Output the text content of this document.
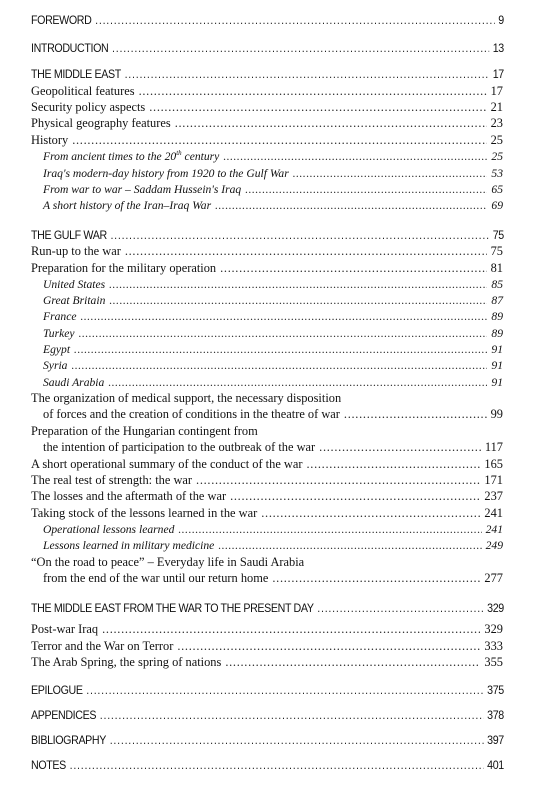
FOREWORD . . .	9
INTRODUCTION . . .	13
THE MIDDLE EAST . . .	17
Geopolitical features . . .	17
Security policy aspects . . .	21
Physical geography features . . .	23
History . . .	25
From ancient times to the 20th century . . .	25
Iraq's modern-day history from 1920 to the Gulf War . . .	53
From war to war – Saddam Hussein's Iraq . . .	65
A short history of the Iran–Iraq War . . .	69
THE GULF WAR . . .	75
Run-up to the war . . .	75
Preparation for the military operation . . .	81
United States . . .	85
Great Britain . . .	87
France . . .	89
Turkey . . .	89
Egypt . . .	91
Syria . . .	91
Saudi Arabia . . .	91
The organization of medical support, the necessary disposition
of forces and the creation of conditions in the theatre of war . . .	99
Preparation of the Hungarian contingent from
the intention of participation to the outbreak of the war . . .	117
A short operational summary of the conduct of the war . . .	165
The real test of strength: the war . . .	171
The losses and the aftermath of the war . . .	237
Taking stock of the lessons learned in the war . . .	241
Operational lessons learned . . .	241
Lessons learned in military medicine . . .	249
“On the road to peace” – Everyday life in Saudi Arabia
from the end of the war until our return home . . .	277
THE MIDDLE EAST FROM THE WAR TO THE PRESENT DAY . . .	329
Post-war Iraq . . .	329
Terror and the War on Terror . . .	333
The Arab Spring, the spring of nations . . .	355
EPILOGUE . . .	375
APPENDICES . . .	378
BIBLIOGRAPHY . . .	397
NOTES . . .	401
